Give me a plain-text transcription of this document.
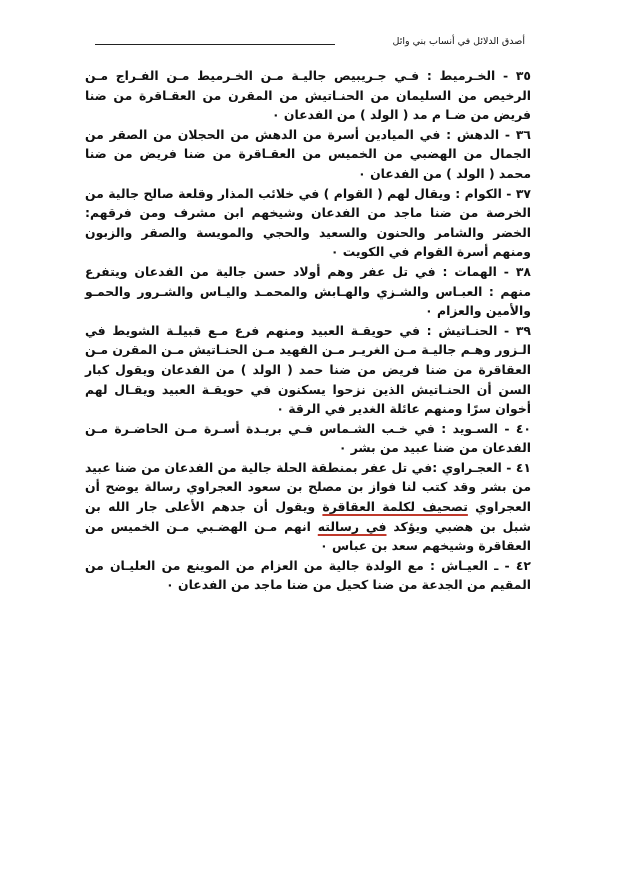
أصدق الدلائل في أنساب بني وائل

٣٥ - الخـرميط : فـي جـريبيص جاليـة مـن الخـرميط مـن الفـراج مـن الرخيص من السليمان من الحنـاتيش من المقرن من العقـاقرة من ضنا فريض من ضـا م مد ( الولد ) من الفدعان ٠

٣٦ - الدهش : في الميادين أسرة من الدهش من الحجلان من الصقر من الجمال من الهضبي من الخميس من العقـاقرة من ضنا فريض من ضنا محمد ( الولد ) من الفدعان ٠

٣٧ - الكوام : ويقال لهم ( القوام ) في خلائب المذار وقلعة صالح جالية من الخرصة من ضنا ماجد من الفدعان وشيخهم ابن مشرف ومن فرقهم: الخضر والشامر والحنون والسعيد والحجي والمويسة والصقر والزبون ومنهم أسرة القوام في الكويت ٠

٣٨ - الهمات : في تل عفر وهم أولاد حسن جالية من الفدعان ويتفرع منهم : العبـاس والشـزي والهـابش والمحمـد واليـاس والشـرور والحمـو والأمين والعزام ٠

٣٩ - الحنـاتيش : في حويقـة العبيد ومنهم فرع مـع قبيلـة الشويط في الـزور وهـم جاليـة مـن الغريـر مـن الفهيد مـن الحنـاتيش مـن المقرن مـن العقاقرة من ضنا فريض من ضنا حمد ( الولد ) من الفدعان ويقول كبار السن أن الحنـاتيش الذين نزحوا يسكنون في حويقـة العبيد ويقـال لهم أخوان سرًا ومنهم عائلة الغدير في الرقة ٠

٤٠ - السـويد : في خـب الشـماس فـي بريـدة أسـرة مـن الحاضـرة مـن الفدعان من ضنا عبيد من بشر ٠

٤١ - العجـراوي :في تل عفر بمنطقة الحلة جالية من الفدعان من ضنا عبيد من بشر وقد كتب لنا فواز بن مصلح بن سعود العجراوي رسالة يوضح أن العجراوي تصحيف لكلمة العقاقرة ويقول أن جدهم الأعلى جار الله بن شبل بن هضبي ويؤكد في رسالته انهم مـن الهضـبي مـن الخميس من العقاقرة وشيخهم سعد بن عباس ٠

٤٢ - ـ العيـاش : مع الولدة جالية من العزام من الموينع من العليـان من المقيم من الجدعة من ضنا كحيل من ضنا ماجد من الفدعان ٠
